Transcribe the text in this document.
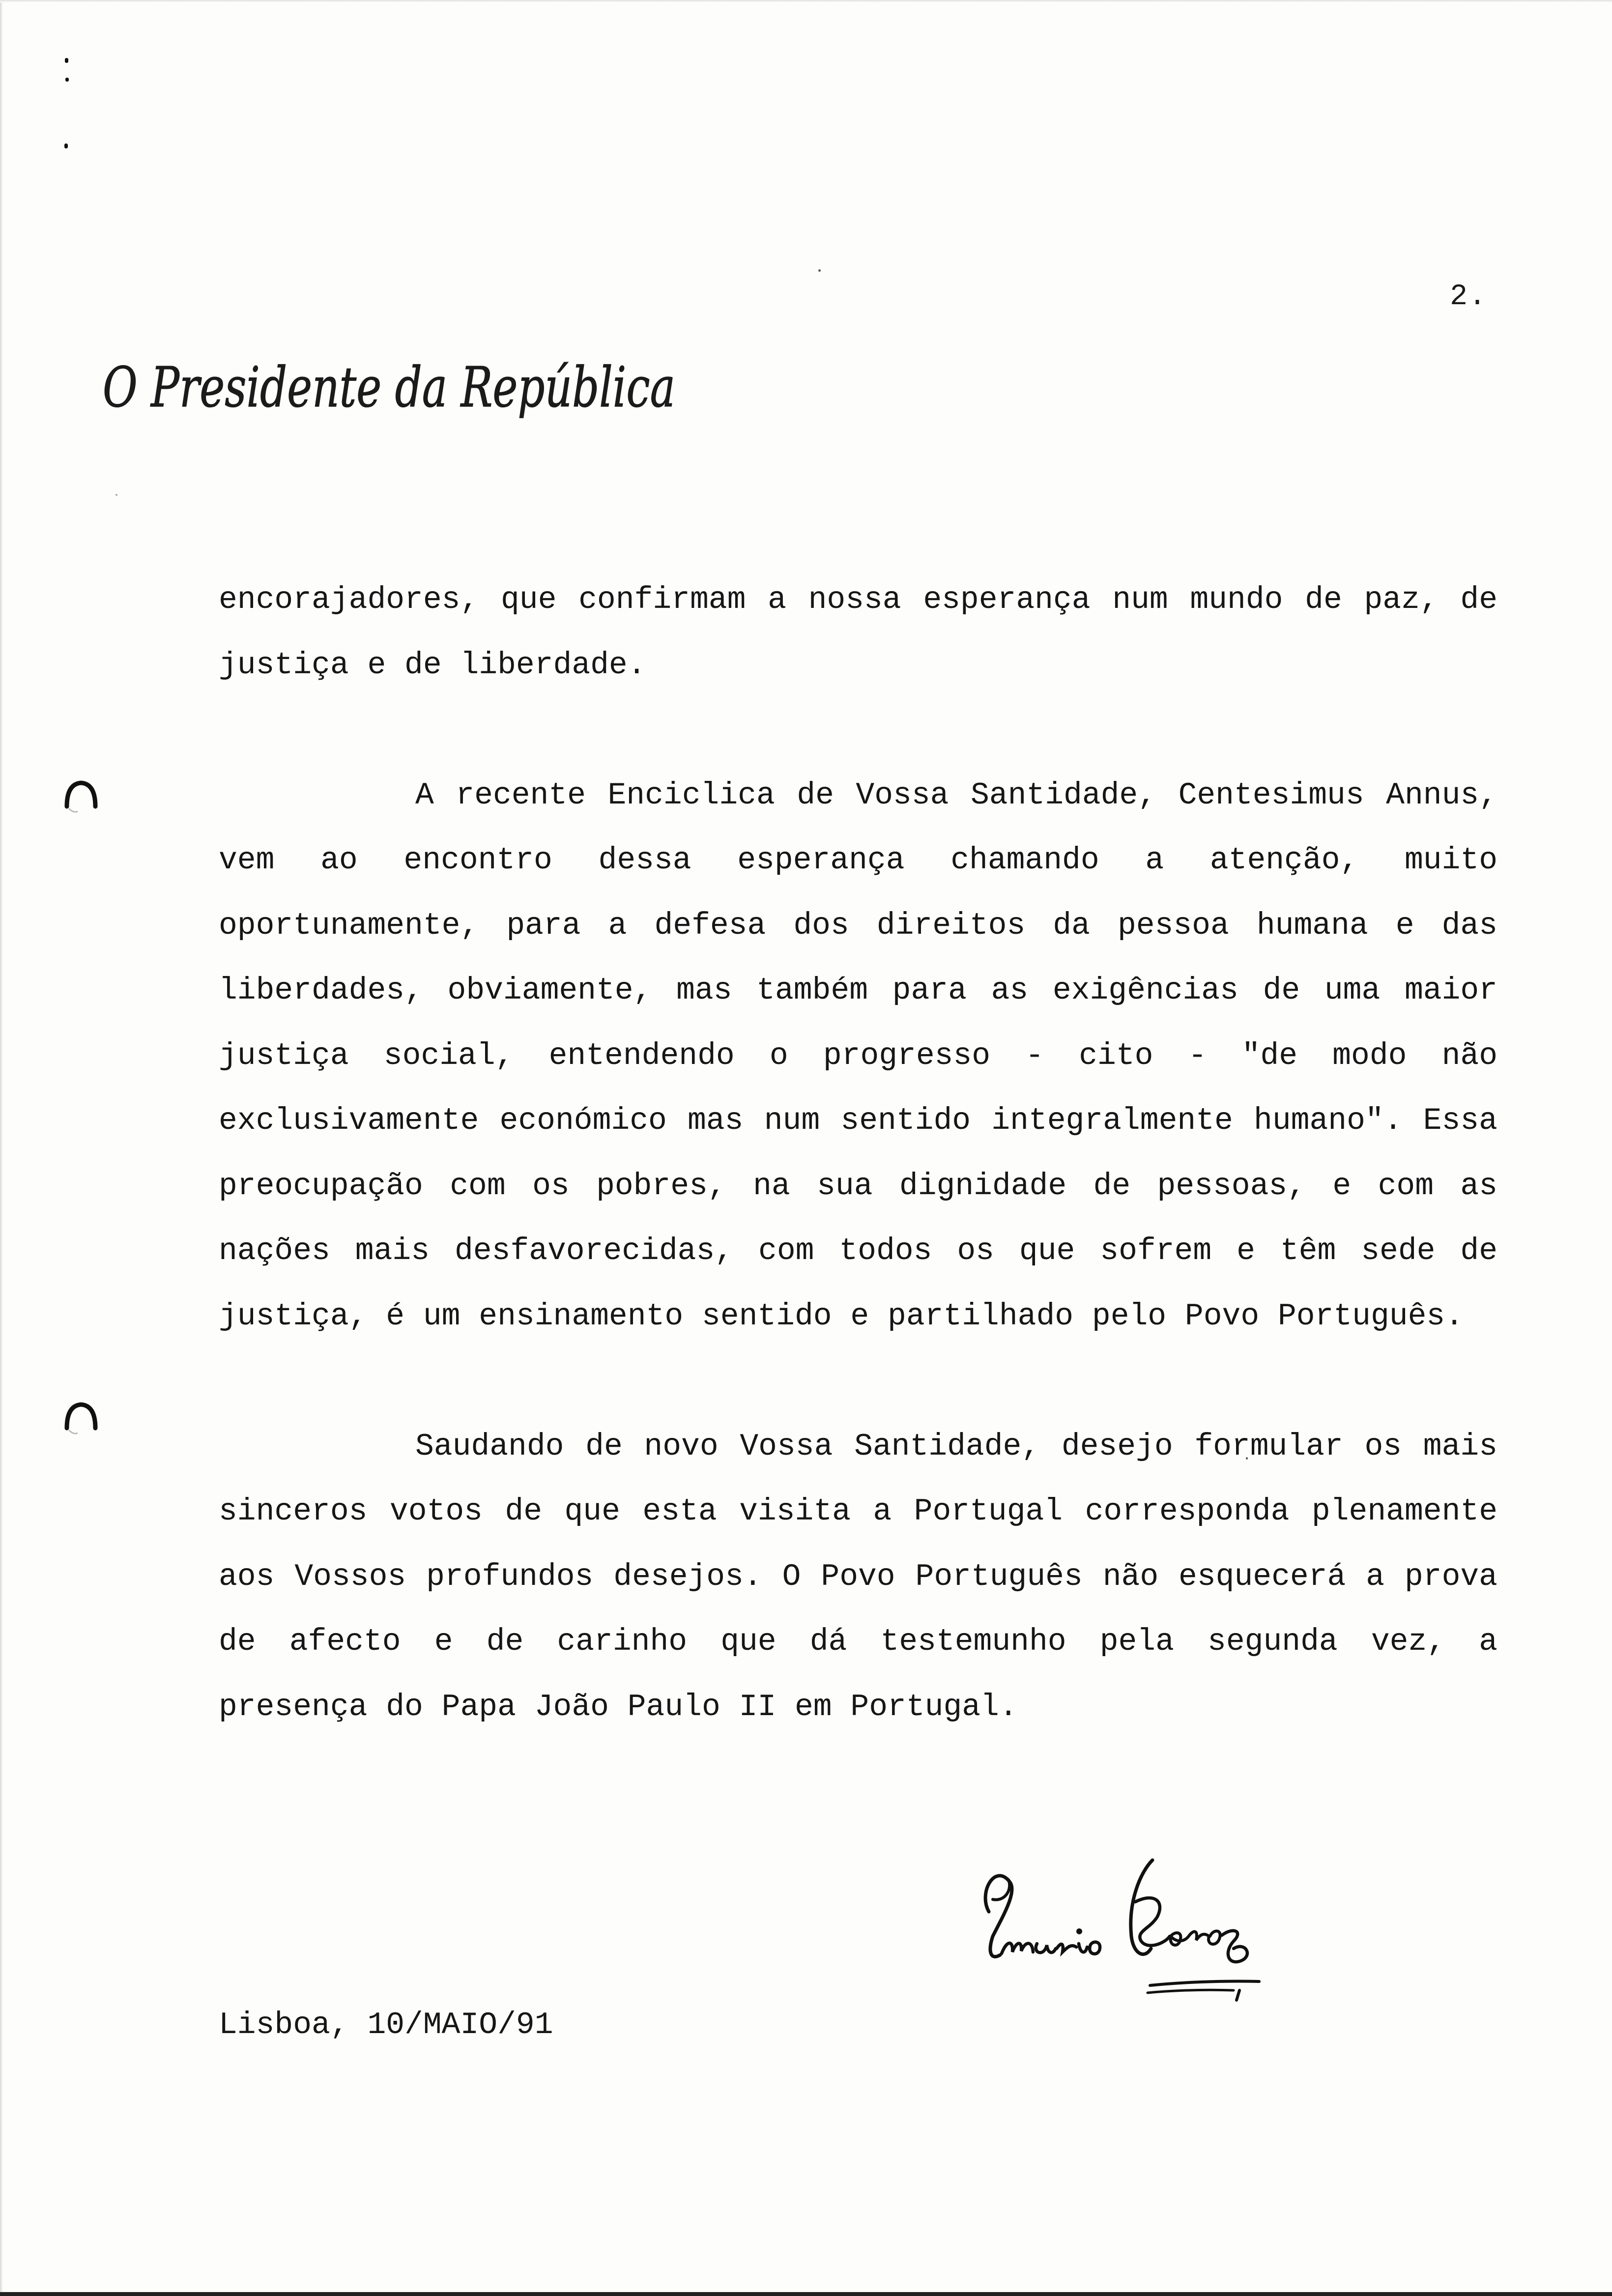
2.
O Presidente da República

encorajadores, que confirmam a nossa esperança num mundo de paz, de justiça e de liberdade.

A recente Enciclica de Vossa Santidade, Centesimus Annus, vem ao encontro dessa esperança chamando a atenção, muito oportunamente, para a defesa dos direitos da pessoa humana e das liberdades, obviamente, mas também para as exigências de uma maior justiça social, entendendo o progresso - cito - "de modo não exclusivamente económico mas num sentido integralmente humano". Essa preocupação com os pobres, na sua dignidade de pessoas, e com as nações mais desfavorecidas, com todos os que sofrem e têm sede de justiça, é um ensinamento sentido e partilhado pelo Povo Português.

Saudando de novo Vossa Santidade, desejo formular os mais sinceros votos de que esta visita a Portugal corresponda plenamente aos Vossos profundos desejos. O Povo Português não esquecerá a prova de afecto e de carinho que dá testemunho pela segunda vez, a presença do Papa João Paulo II em Portugal.

Lisboa, 10/MAIO/91
